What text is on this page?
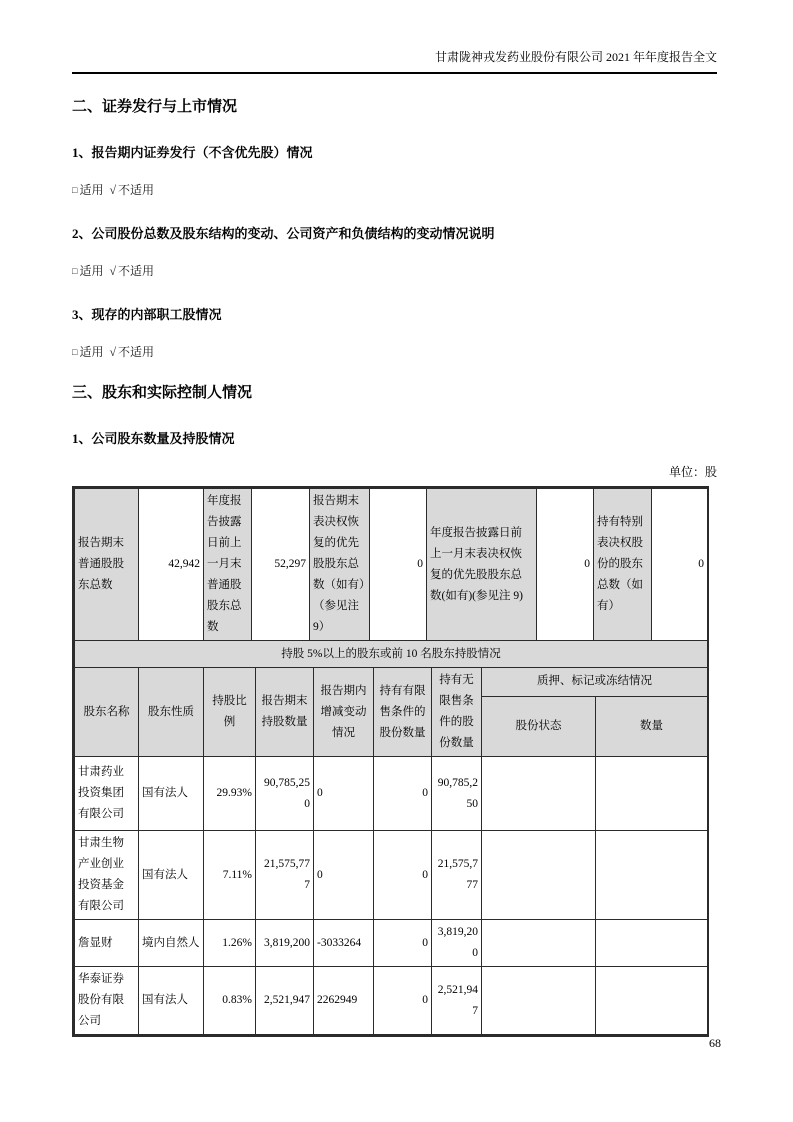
甘肃陇神戎发药业股份有限公司 2021 年年度报告全文
二、证券发行与上市情况
1、报告期内证券发行（不含优先股）情况

□适用 √ 不适用

2、公司股份总数及股东结构的变动、公司资产和负债结构的变动情况说明

□适用 √ 不适用

3、现存的内部职工股情况

□适用 √ 不适用

三、股东和实际控制人情况
1、公司股东数量及持股情况
单位：股
报告期末普通股股东总数	42,942	年度报告披露日前上一月末普通股股东总数	52,297	报告期末表决权恢复的优先股股东总数（如有）（参见注 9）	0	年度报告披露日前上一月末表决权恢复的优先股股东总数(如有)(参见注 9)	0	持有特别表决权股份的股东总数（如有）	0
持股 5%以上的股东或前 10 名股东持股情况								
股东名称	股东性质	持股比例	报告期末持股数量	报告期内增减变动情况	持有有限售条件的股份数量	持有无限售条件的股份数量	质押、标记或冻结情况	
							股份状态	数量
甘肃药业投资集团有限公司	国有法人	29.93%	90,785,250	0	0	90,785,250		
甘肃生物产业创业投资基金有限公司	国有法人	7.11%	21,575,777	0	0	21,575,777		
詹显财	境内自然人	1.26%	3,819,200	-3033264	0	3,819,200		
华泰证券股份有限公司	国有法人	0.83%	2,521,947	2262949	0	2,521,947		
68
